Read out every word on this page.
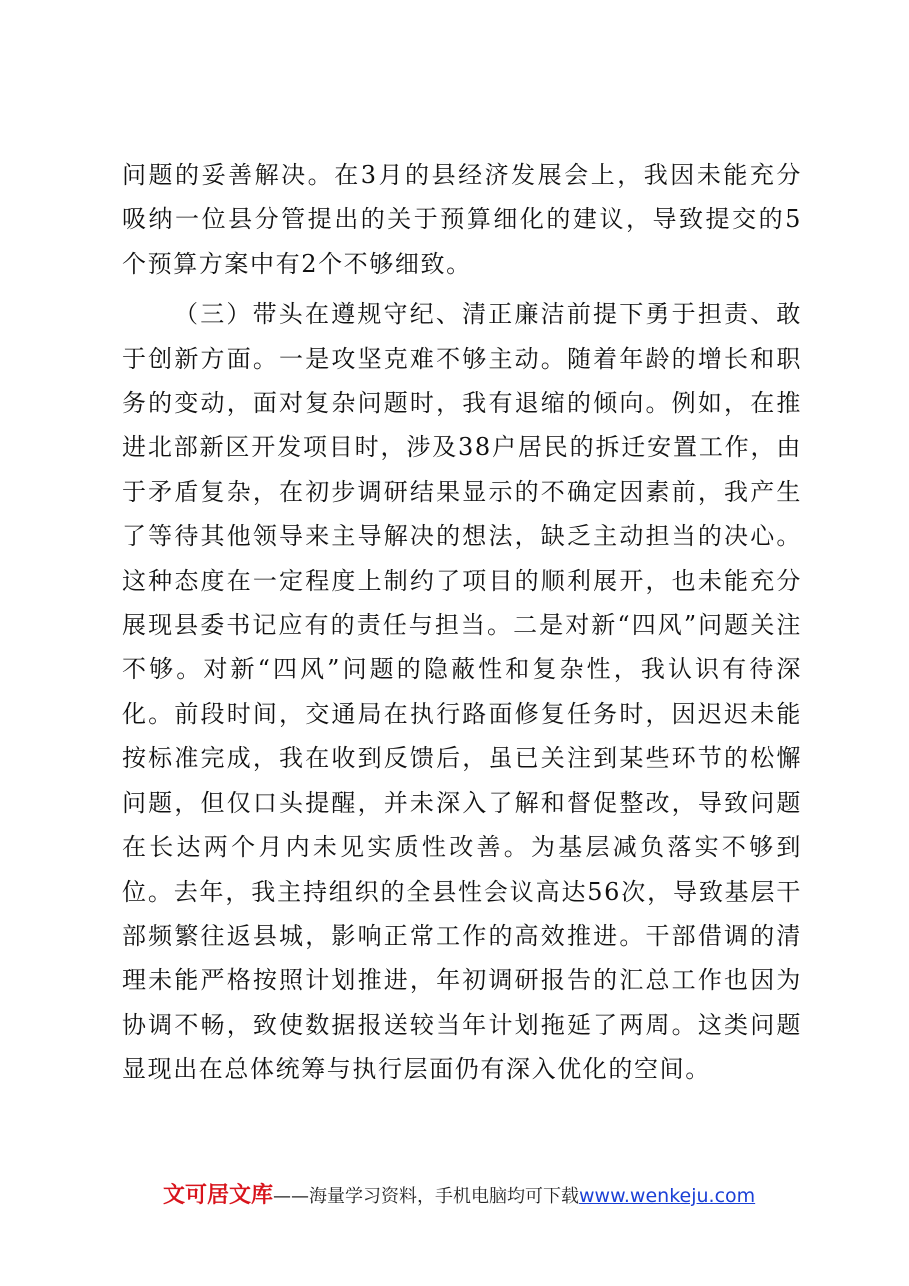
问题的妥善解决。在3月的县经济发展会上，我因未能充分吸纳一位县分管提出的关于预算细化的建议，导致提交的5个预算方案中有2个不够细致。

（三）带头在遵规守纪、清正廉洁前提下勇于担责、敢于创新方面。一是攻坚克难不够主动。随着年龄的增长和职务的变动，面对复杂问题时，我有退缩的倾向。例如，在推进北部新区开发项目时，涉及38户居民的拆迁安置工作，由于矛盾复杂，在初步调研结果显示的不确定因素前，我产生了等待其他领导来主导解决的想法，缺乏主动担当的决心。这种态度在一定程度上制约了项目的顺利展开，也未能充分展现县委书记应有的责任与担当。二是对新“四风”问题关注不够。对新“四风”问题的隐蔽性和复杂性，我认识有待深化。前段时间，交通局在执行路面修复任务时，因迟迟未能按标准完成，我在收到反馈后，虽已关注到某些环节的松懈问题，但仅口头提醒，并未深入了解和督促整改，导致问题在长达两个月内未见实质性改善。为基层减负落实不够到位。去年，我主持组织的全县性会议高达56次，导致基层干部频繁往返县城，影响正常工作的高效推进。干部借调的清理未能严格按照计划推进，年初调研报告的汇总工作也因为协调不畅，致使数据报送较当年计划拖延了两周。这类问题显现出在总体统筹与执行层面仍有深入优化的空间。

文可居文库——海量学习资料，手机电脑均可下载www.wenkeju.com
